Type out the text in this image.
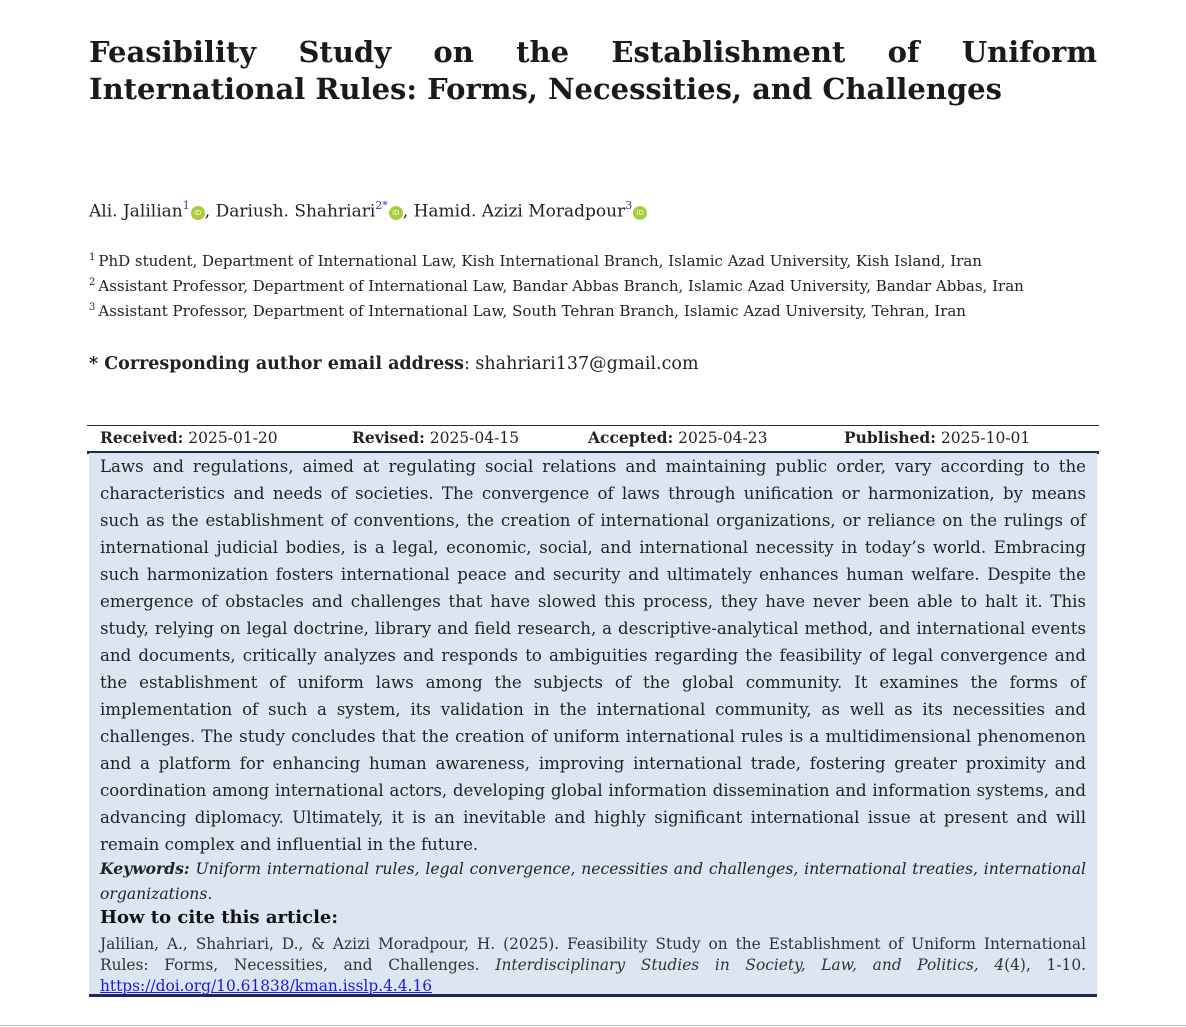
Feasibility Study on the Establishment of Uniform International Rules: Forms, Necessities, and Challenges
Ali. Jalilian$^1$iD , Dariush. Shahriari$^{2*}$iD , Hamid. Azizi Moradpour$^3$iD
$^1$ PhD student, Department of International Law, Kish International Branch, Islamic Azad University, Kish Island, Iran
$^2$ Assistant Professor, Department of International Law, Bandar Abbas Branch, Islamic Azad University, Bandar Abbas, Iran
$^3$ Assistant Professor, Department of International Law, South Tehran Branch, Islamic Azad University, Tehran, Iran
* Corresponding author email address: shahriari137@gmail.com
Received: 2025-01-20	Revised: 2025-04-15	Accepted: 2025-04-23	Published: 2025-10-01

Laws and regulations, aimed at regulating social relations and maintaining public order, vary according to the characteristics and needs of societies. The convergence of laws through unification or harmonization, by means such as the establishment of conventions, the creation of international organizations, or reliance on the rulings of international judicial bodies, is a legal, economic, social, and international necessity in today’s world. Embracing such harmonization fosters international peace and security and ultimately enhances human welfare. Despite the emergence of obstacles and challenges that have slowed this process, they have never been able to halt it. This study, relying on legal doctrine, library and field research, a descriptive-analytical method, and international events and documents, critically analyzes and responds to ambiguities regarding the feasibility of legal convergence and the establishment of uniform laws among the subjects of the global community. It examines the forms of implementation of such a system, its validation in the international community, as well as its necessities and challenges. The study concludes that the creation of uniform international rules is a multidimensional phenomenon and a platform for enhancing human awareness, improving international trade, fostering greater proximity and coordination among international actors, developing global information dissemination and information systems, and advancing diplomacy. Ultimately, it is an inevitable and highly significant international issue at present and will remain complex and influential in the future.

Keywords: Uniform international rules, legal convergence, necessities and challenges, international treaties, international organizations.

How to cite this article:

Jalilian, A., Shahriari, D., & Azizi Moradpour, H. (2025). Feasibility Study on the Establishment of Uniform International Rules: Forms, Necessities, and Challenges. Interdisciplinary Studies in Society, Law, and Politics, 4(4), 1-10. https://doi.org/10.61838/kman.isslp.4.4.16
